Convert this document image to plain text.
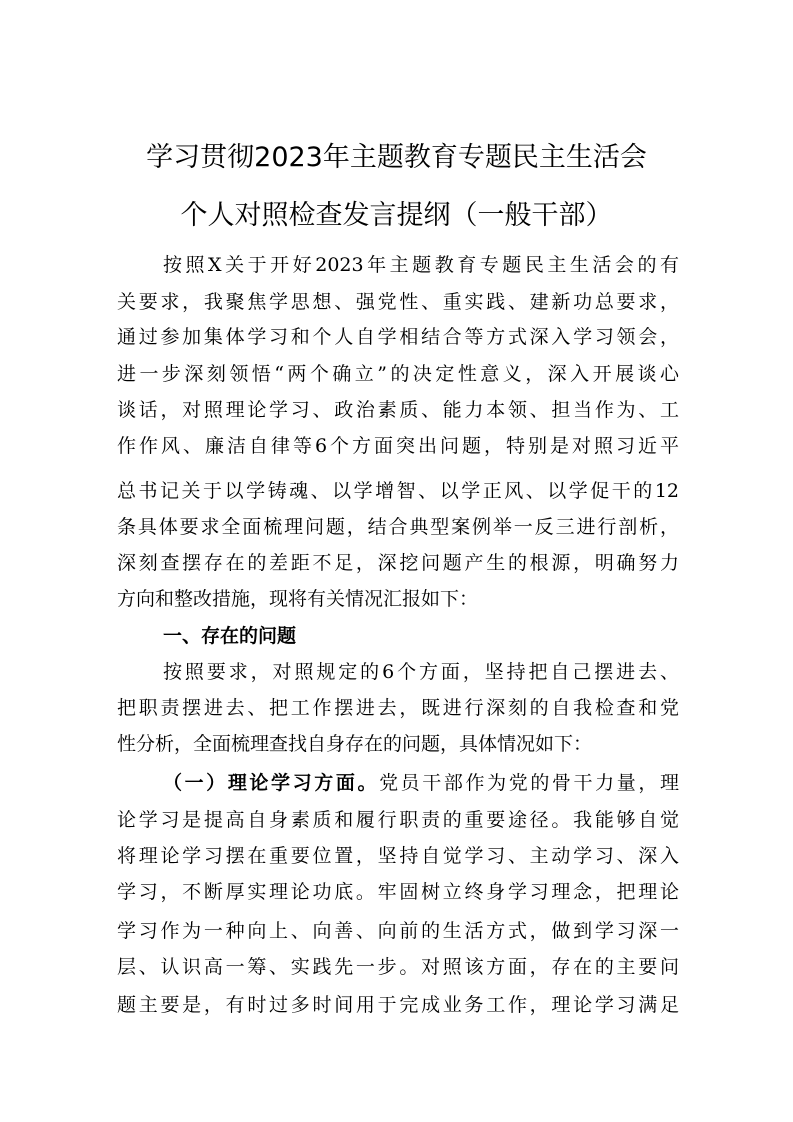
学习贯彻2023年主题教育专题民主生活会
个人对照检查发言提纲（一般干部）
按照X关于开好2023年主题教育专题民主生活会的有
关要求，我聚焦学思想、强党性、重实践、建新功总要求，
通过参加集体学习和个人自学相结合等方式深入学习领会，
进一步深刻领悟“两个确立”的决定性意义，深入开展谈心
谈话，对照理论学习、政治素质、能力本领、担当作为、工
作作风、廉洁自律等6个方面突出问题，特别是对照习近平
总书记关于以学铸魂、以学增智、以学正风、以学促干的12
条具体要求全面梳理问题，结合典型案例举一反三进行剖析，
深刻查摆存在的差距不足，深挖问题产生的根源，明确努力
方向和整改措施，现将有关情况汇报如下：
一、存在的问题
按照要求，对照规定的6个方面，坚持把自己摆进去、
把职责摆进去、把工作摆进去，既进行深刻的自我检查和党
性分析，全面梳理查找自身存在的问题，具体情况如下：
（一）理论学习方面。党员干部作为党的骨干力量，理
论学习是提高自身素质和履行职责的重要途径。我能够自觉
将理论学习摆在重要位置，坚持自觉学习、主动学习、深入
学习，不断厚实理论功底。牢固树立终身学习理念，把理论
学习作为一种向上、向善、向前的生活方式，做到学习深一
层、认识高一筹、实践先一步。对照该方面，存在的主要问
题主要是，有时过多时间用于完成业务工作，理论学习满足
